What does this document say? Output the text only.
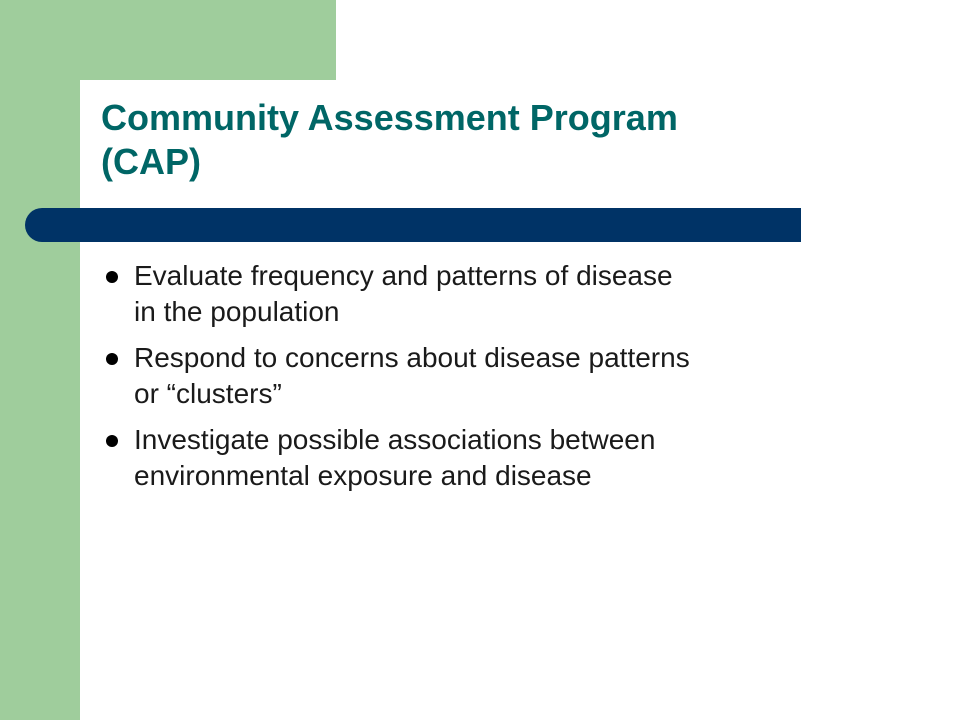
Community Assessment Program
(CAP)
Evaluate frequency and patterns of disease
in the population
Respond to concerns about disease patterns
or “clusters”
Investigate possible associations between
environmental exposure and disease
